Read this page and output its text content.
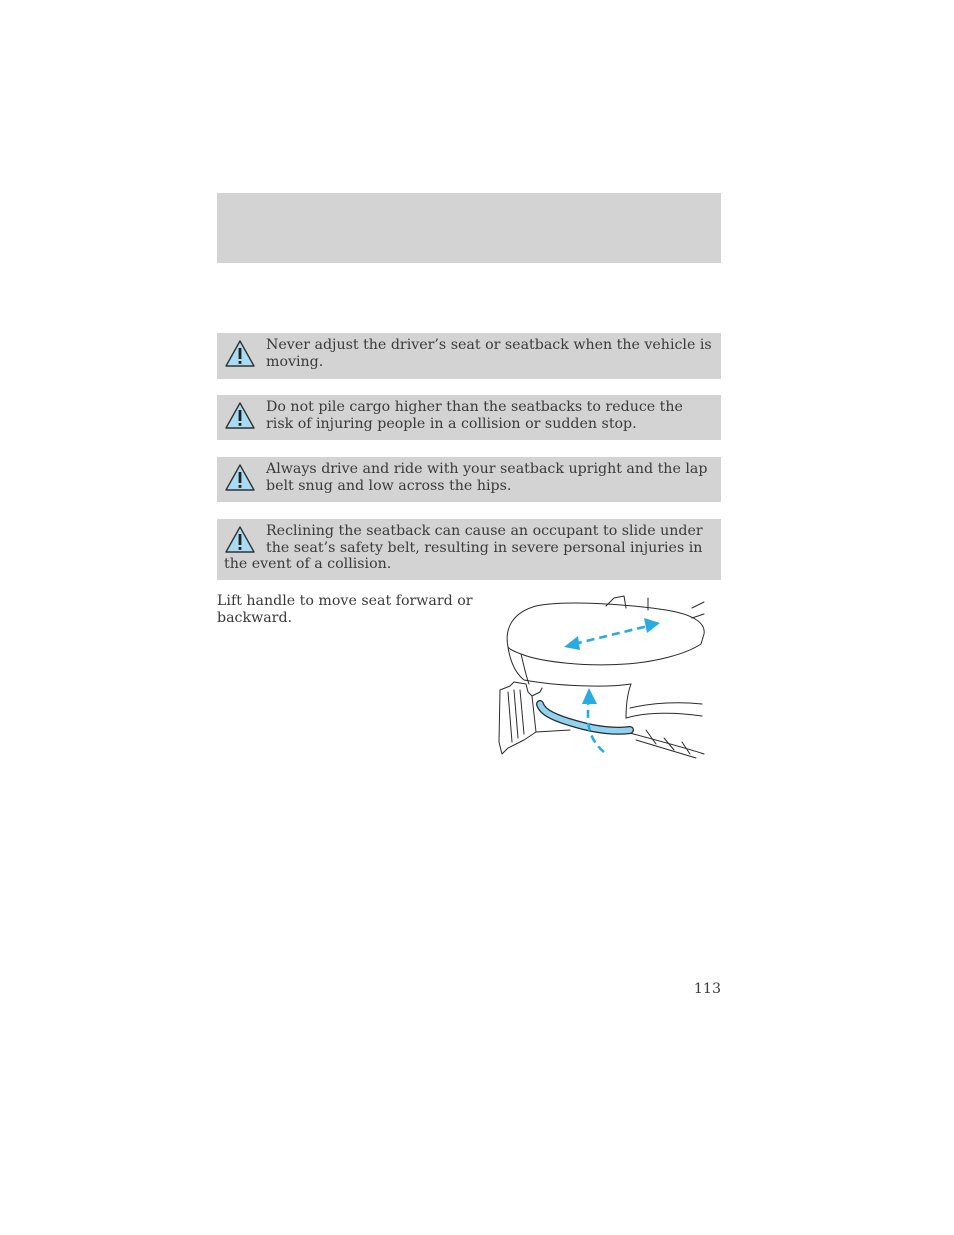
Never adjust the driver’s seat or seatback when the vehicle is moving.
Do not pile cargo higher than the seatbacks to reduce the risk of injuring people in a collision or sudden stop.
Always drive and ride with your seatback upright and the lap belt snug and low across the hips.
Reclining the seatback can cause an occupant to slide under the seat’s safety belt, resulting in severe personal injuries in the event of a collision.
Lift handle to move seat forward or backward.
113
